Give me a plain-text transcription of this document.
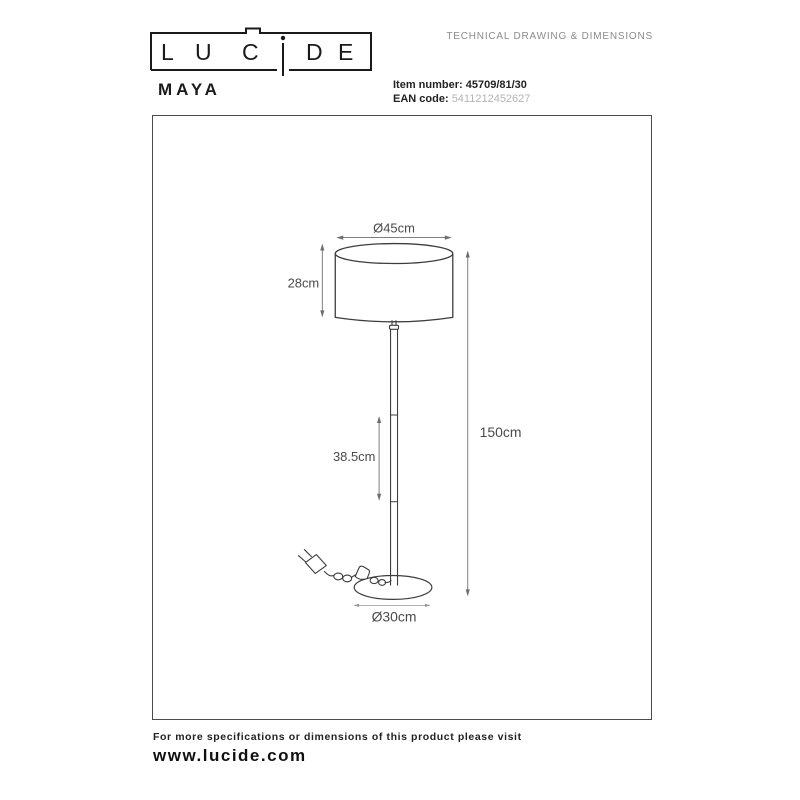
L U C D E
TECHNICAL DRAWING & DIMENSIONS
MAYA	Item number: 45709/81/30
EAN code: 5411212452627
Ø45cm
28cm
150cm
38.5cm
Ø30cm
For more specifications or dimensions of this product please visit
www.lucide.com
